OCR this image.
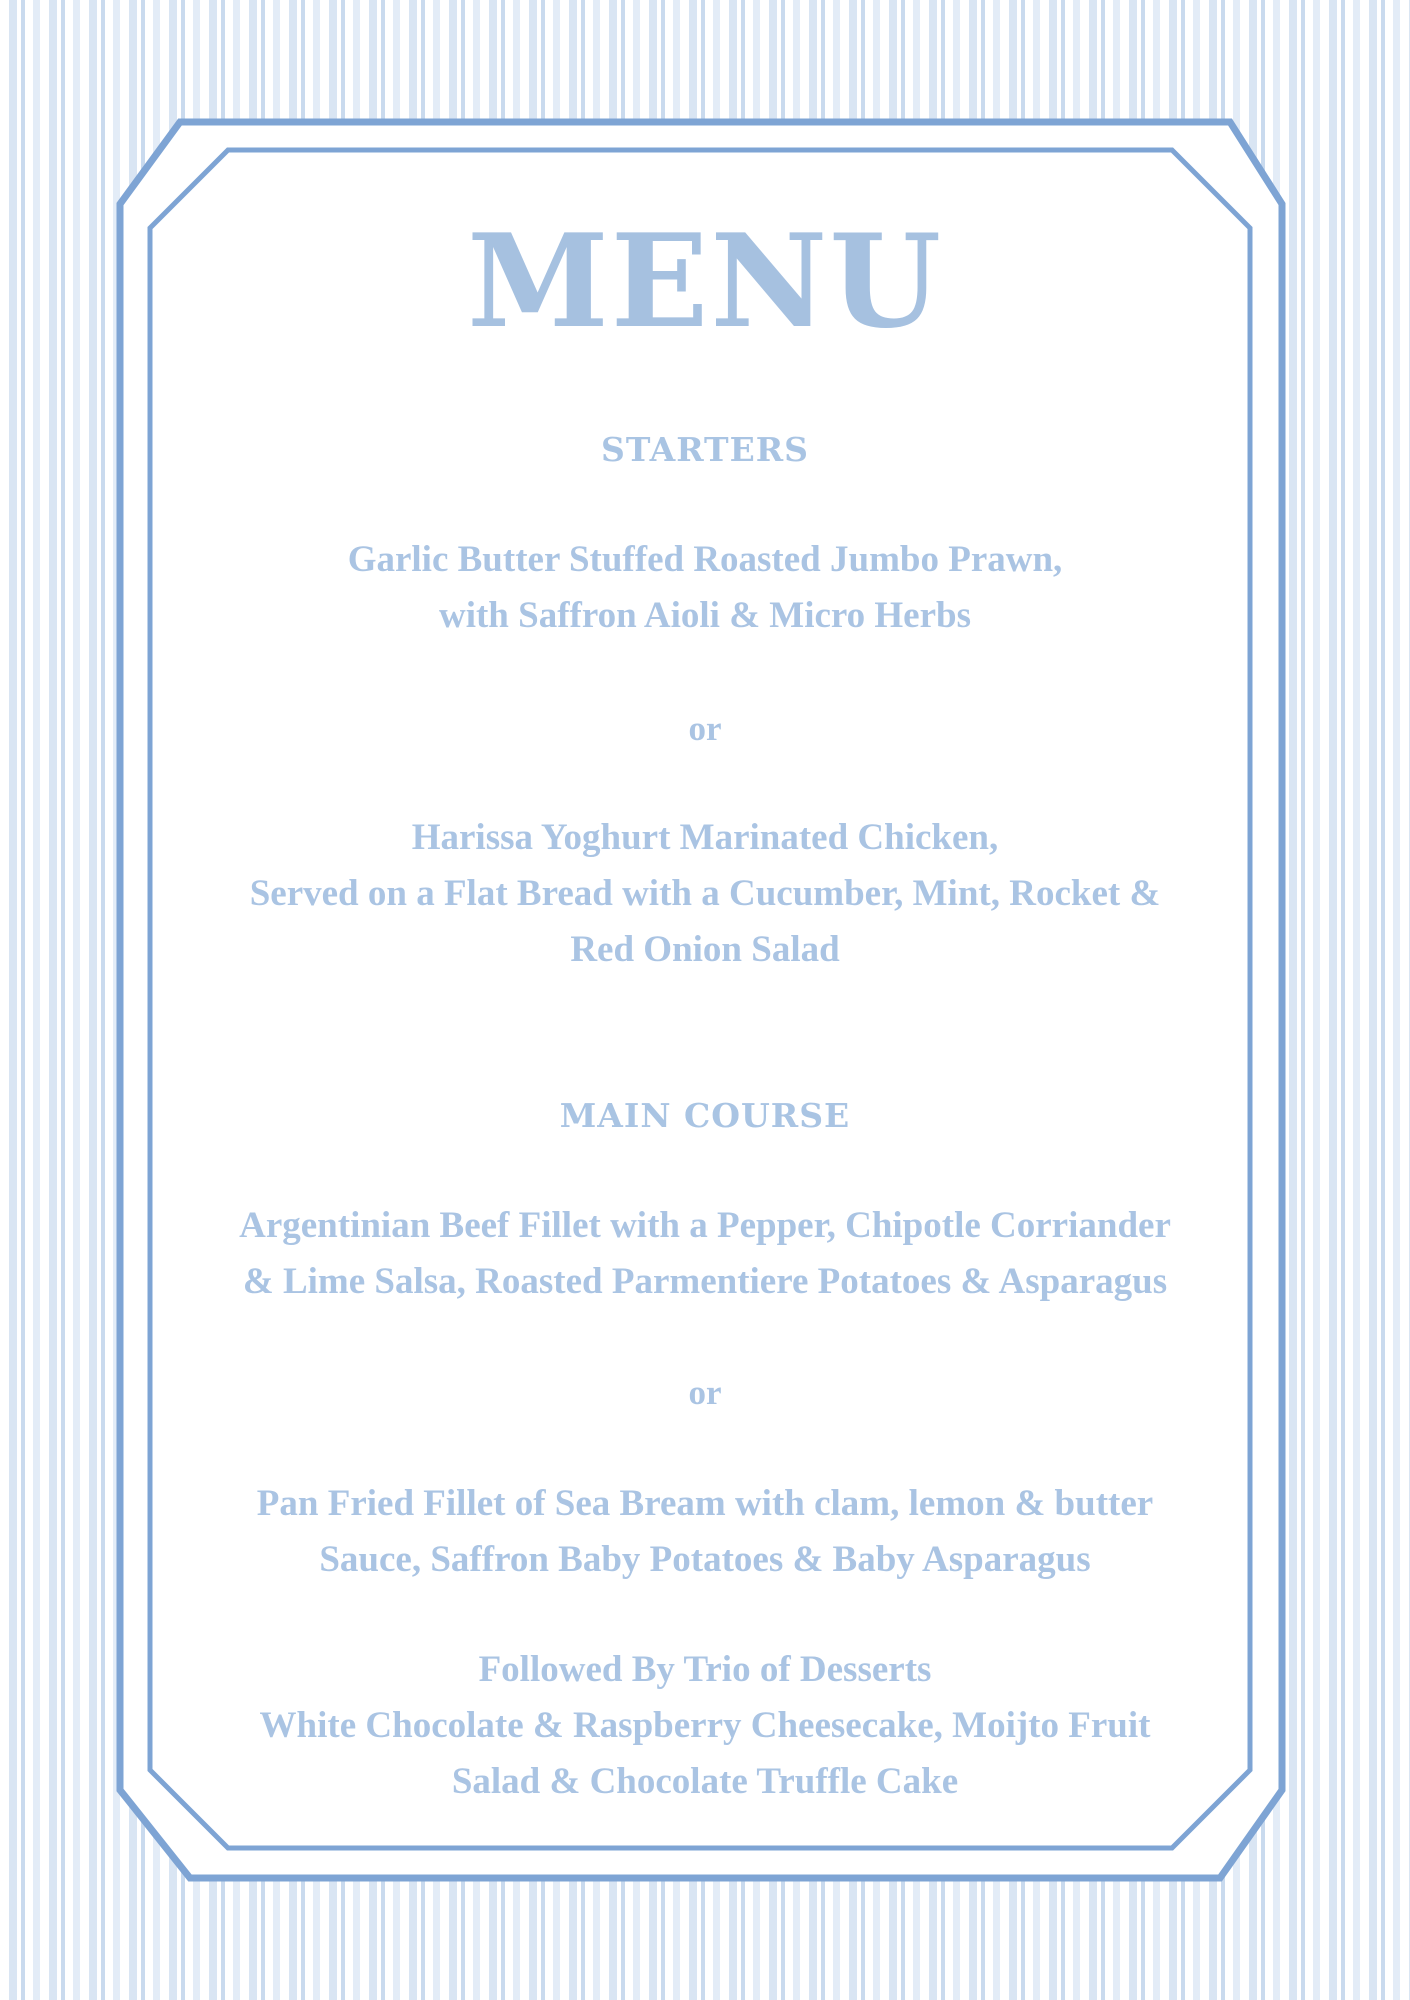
MENU
STARTERS
Garlic Butter Stuffed Roasted Jumbo Prawn,
with Saffron Aioli & Micro Herbs
or
Harissa Yoghurt Marinated Chicken,
Served on a Flat Bread with a Cucumber, Mint, Rocket &
Red Onion Salad
MAIN COURSE
Argentinian Beef Fillet with a Pepper, Chipotle Corriander
& Lime Salsa, Roasted Parmentiere Potatoes & Asparagus
or
Pan Fried Fillet of Sea Bream with clam, lemon & butter
Sauce, Saffron Baby Potatoes & Baby Asparagus
Followed By Trio of Desserts
White Chocolate & Raspberry Cheesecake, Moijto Fruit
Salad & Chocolate Truffle Cake
